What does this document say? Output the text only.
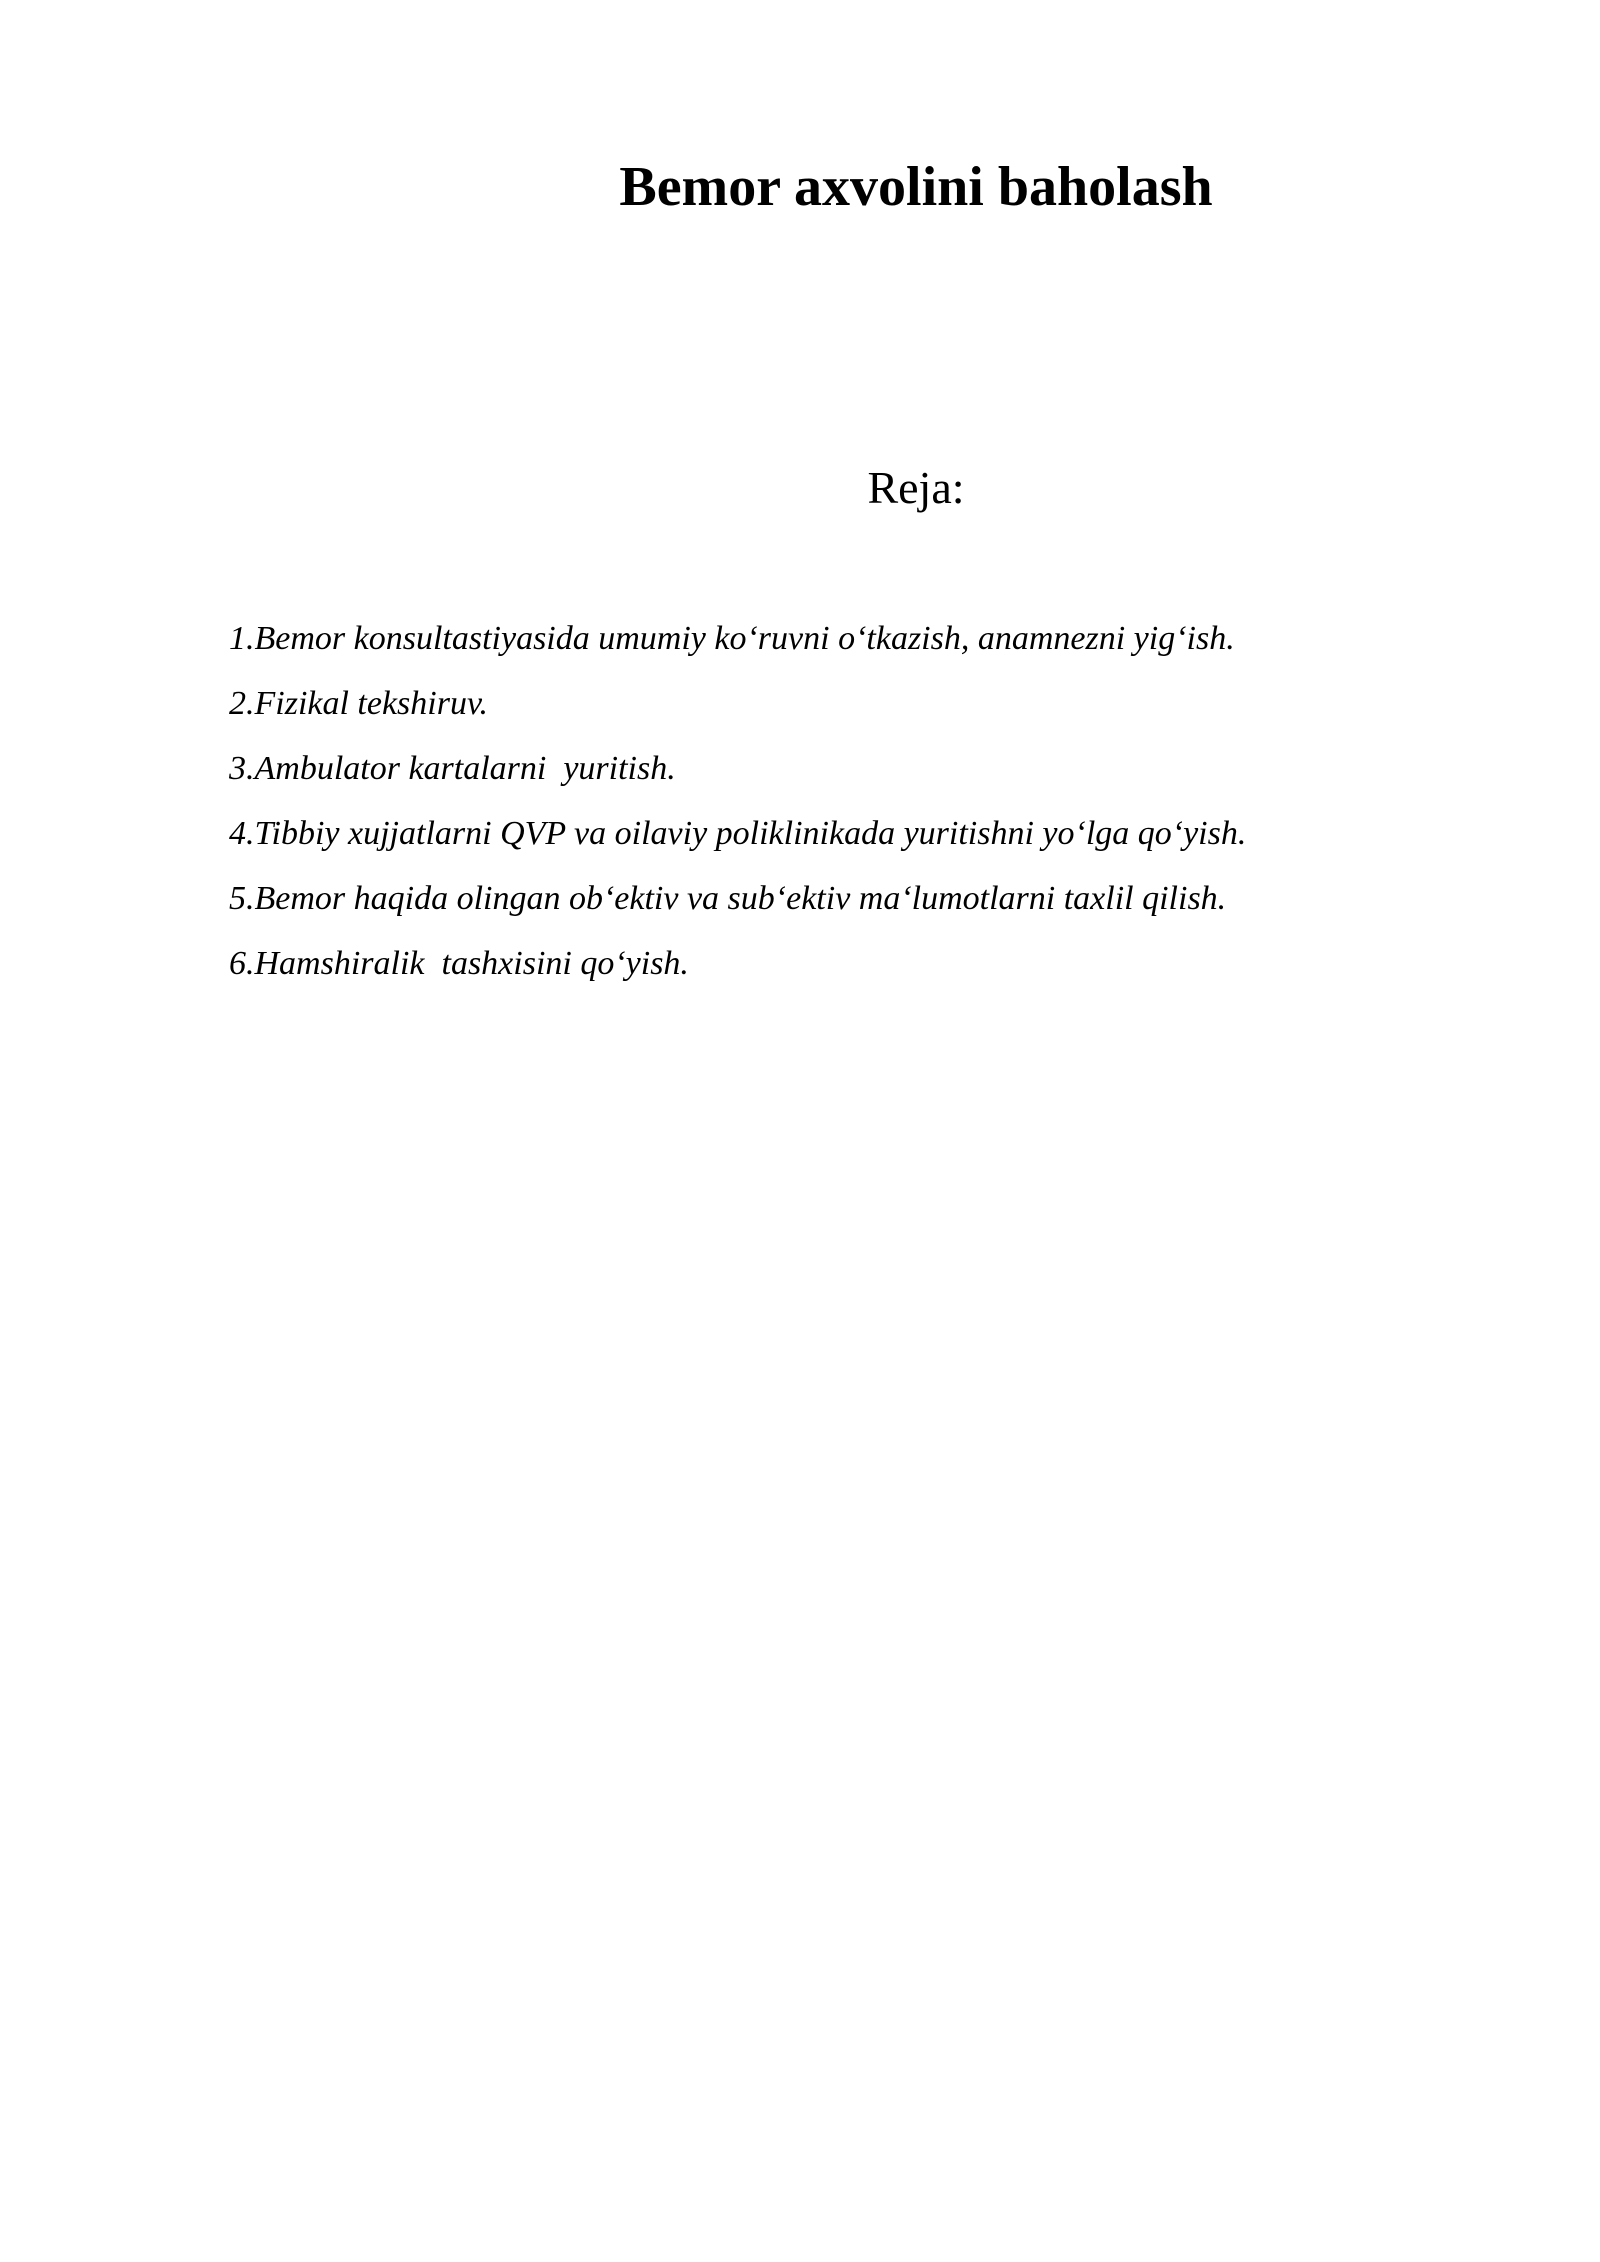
Bemor axvolini baholash
Reja:
1.Bemor konsultastiyasida umumiy ko‘ruvni o‘tkazish, anamnezni yig‘ish.
2.Fizikal tekshiruv.
3.Ambulator kartalarni  yuritish.
4.Tibbiy xujjatlarni QVP va oilaviy poliklinikada yuritishni yo‘lga qo‘yish.
5.Bemor haqida olingan ob‘ektiv va sub‘ektiv ma‘lumotlarni taxlil qilish.
6.Hamshiralik  tashxisini qo‘yish.
